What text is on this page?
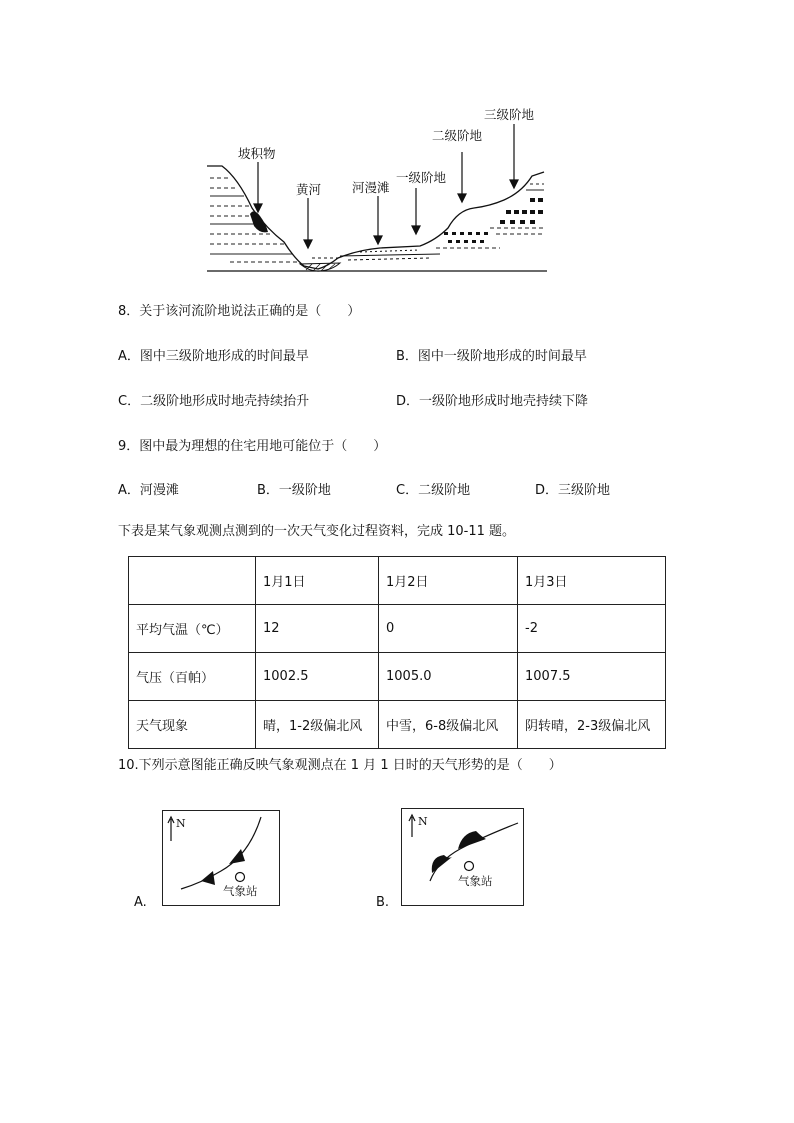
坡积物
黄河 河漫滩
一级阶地
二级阶地
三级阶地
8．关于该河流阶地说法正确的是（　　）
A．图中三级阶地形成的时间最早	B．图中一级阶地形成的时间最早
C．二级阶地形成时地壳持续抬升	D．一级阶地形成时地壳持续下降
9．图中最为理想的住宅用地可能位于（　　）
A．河漫滩	B．一级阶地	C．二级阶地	D．三级阶地
下表是某气象观测点测到的一次天气变化过程资料，完成 10-11 题。
	1月1日	1月2日	1月3日
平均气温（℃）	12	0	-2
气压（百帕）	1002.5	1005.0	1007.5
天气现象	晴，1-2级偏北风	中雪，6-8级偏北风	阴转晴，2-3级偏北风
10.下列示意图能正确反映气象观测点在 1 月 1 日时的天气形势的是（　　）
A.
N
气象站
B.
N
气象站
